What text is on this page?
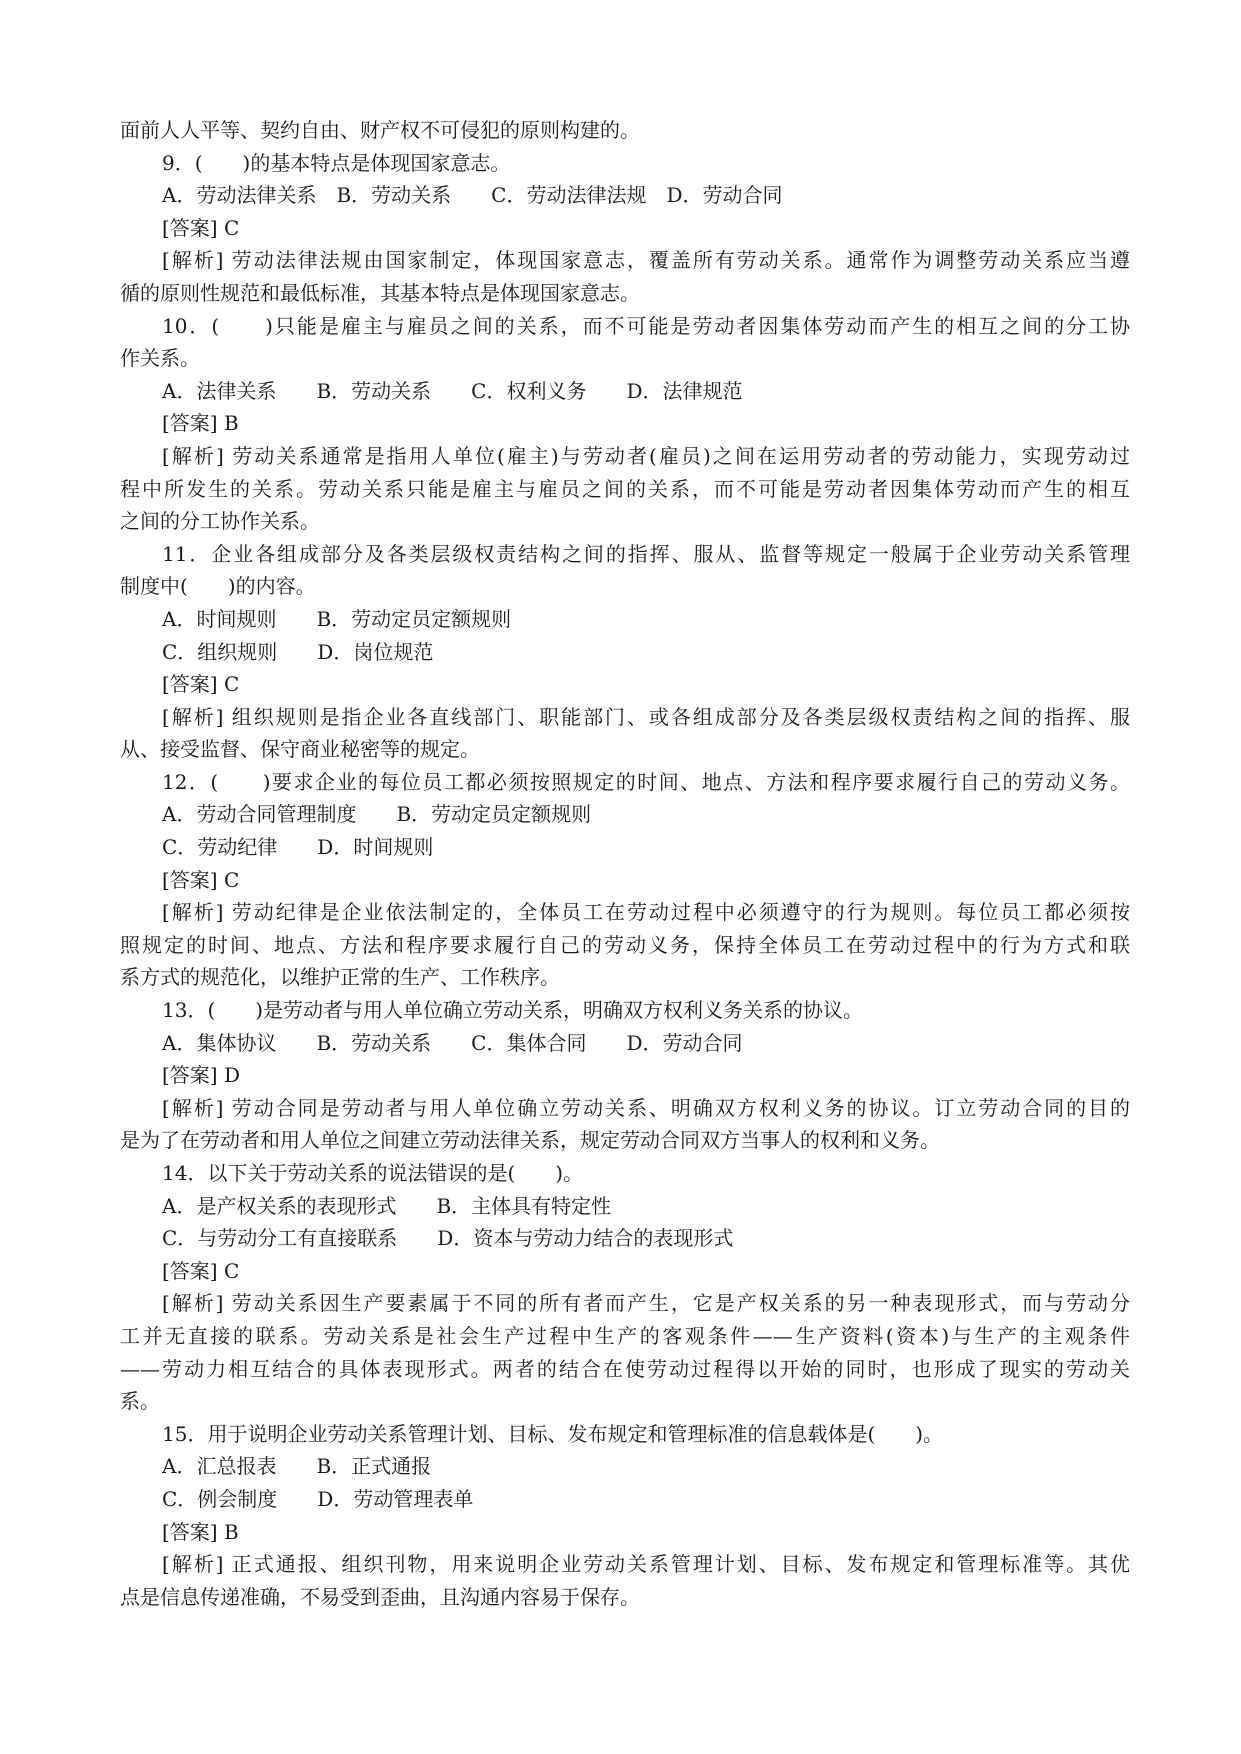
面前人人平等、契约自由、财产权不可侵犯的原则构建的。
9．(　　)的基本特点是体现国家意志。
A．劳动法律关系　B．劳动关系　　C．劳动法律法规　D．劳动合同
[答案] C
[解析] 劳动法律法规由国家制定，体现国家意志，覆盖所有劳动关系。通常作为调整劳动关系应当遵
循的原则性规范和最低标准，其基本特点是体现国家意志。
10．(　　)只能是雇主与雇员之间的关系，而不可能是劳动者因集体劳动而产生的相互之间的分工协
作关系。
A．法律关系　　B．劳动关系　　C．权利义务　　D．法律规范
[答案] B
[解析] 劳动关系通常是指用人单位(雇主)与劳动者(雇员)之间在运用劳动者的劳动能力，实现劳动过
程中所发生的关系。劳动关系只能是雇主与雇员之间的关系，而不可能是劳动者因集体劳动而产生的相互
之间的分工协作关系。
11．企业各组成部分及各类层级权责结构之间的指挥、服从、监督等规定一般属于企业劳动关系管理
制度中(　　)的内容。
A．时间规则　　B．劳动定员定额规则
C．组织规则　　D．岗位规范
[答案] C
[解析] 组织规则是指企业各直线部门、职能部门、或各组成部分及各类层级权责结构之间的指挥、服
从、接受监督、保守商业秘密等的规定。
12．(　　)要求企业的每位员工都必须按照规定的时间、地点、方法和程序要求履行自己的劳动义务。
A．劳动合同管理制度　　B．劳动定员定额规则
C．劳动纪律　　D．时间规则
[答案] C
[解析] 劳动纪律是企业依法制定的，全体员工在劳动过程中必须遵守的行为规则。每位员工都必须按
照规定的时间、地点、方法和程序要求履行自己的劳动义务，保持全体员工在劳动过程中的行为方式和联
系方式的规范化，以维护正常的生产、工作秩序。
13．(　　)是劳动者与用人单位确立劳动关系，明确双方权利义务关系的协议。
A．集体协议　　B．劳动关系　　C．集体合同　　D．劳动合同
[答案] D
[解析] 劳动合同是劳动者与用人单位确立劳动关系、明确双方权利义务的协议。订立劳动合同的目的
是为了在劳动者和用人单位之间建立劳动法律关系，规定劳动合同双方当事人的权利和义务。
14．以下关于劳动关系的说法错误的是(　　)。
A．是产权关系的表现形式　　B．主体具有特定性
C．与劳动分工有直接联系　　D．资本与劳动力结合的表现形式
[答案] C
[解析] 劳动关系因生产要素属于不同的所有者而产生，它是产权关系的另一种表现形式，而与劳动分
工并无直接的联系。劳动关系是社会生产过程中生产的客观条件——生产资料(资本)与生产的主观条件
——劳动力相互结合的具体表现形式。两者的结合在使劳动过程得以开始的同时，也形成了现实的劳动关
系。
15．用于说明企业劳动关系管理计划、目标、发布规定和管理标准的信息载体是(　　)。
A．汇总报表　　B．正式通报
C．例会制度　　D．劳动管理表单
[答案] B
[解析] 正式通报、组织刊物，用来说明企业劳动关系管理计划、目标、发布规定和管理标准等。其优
点是信息传递准确，不易受到歪曲，且沟通内容易于保存。
